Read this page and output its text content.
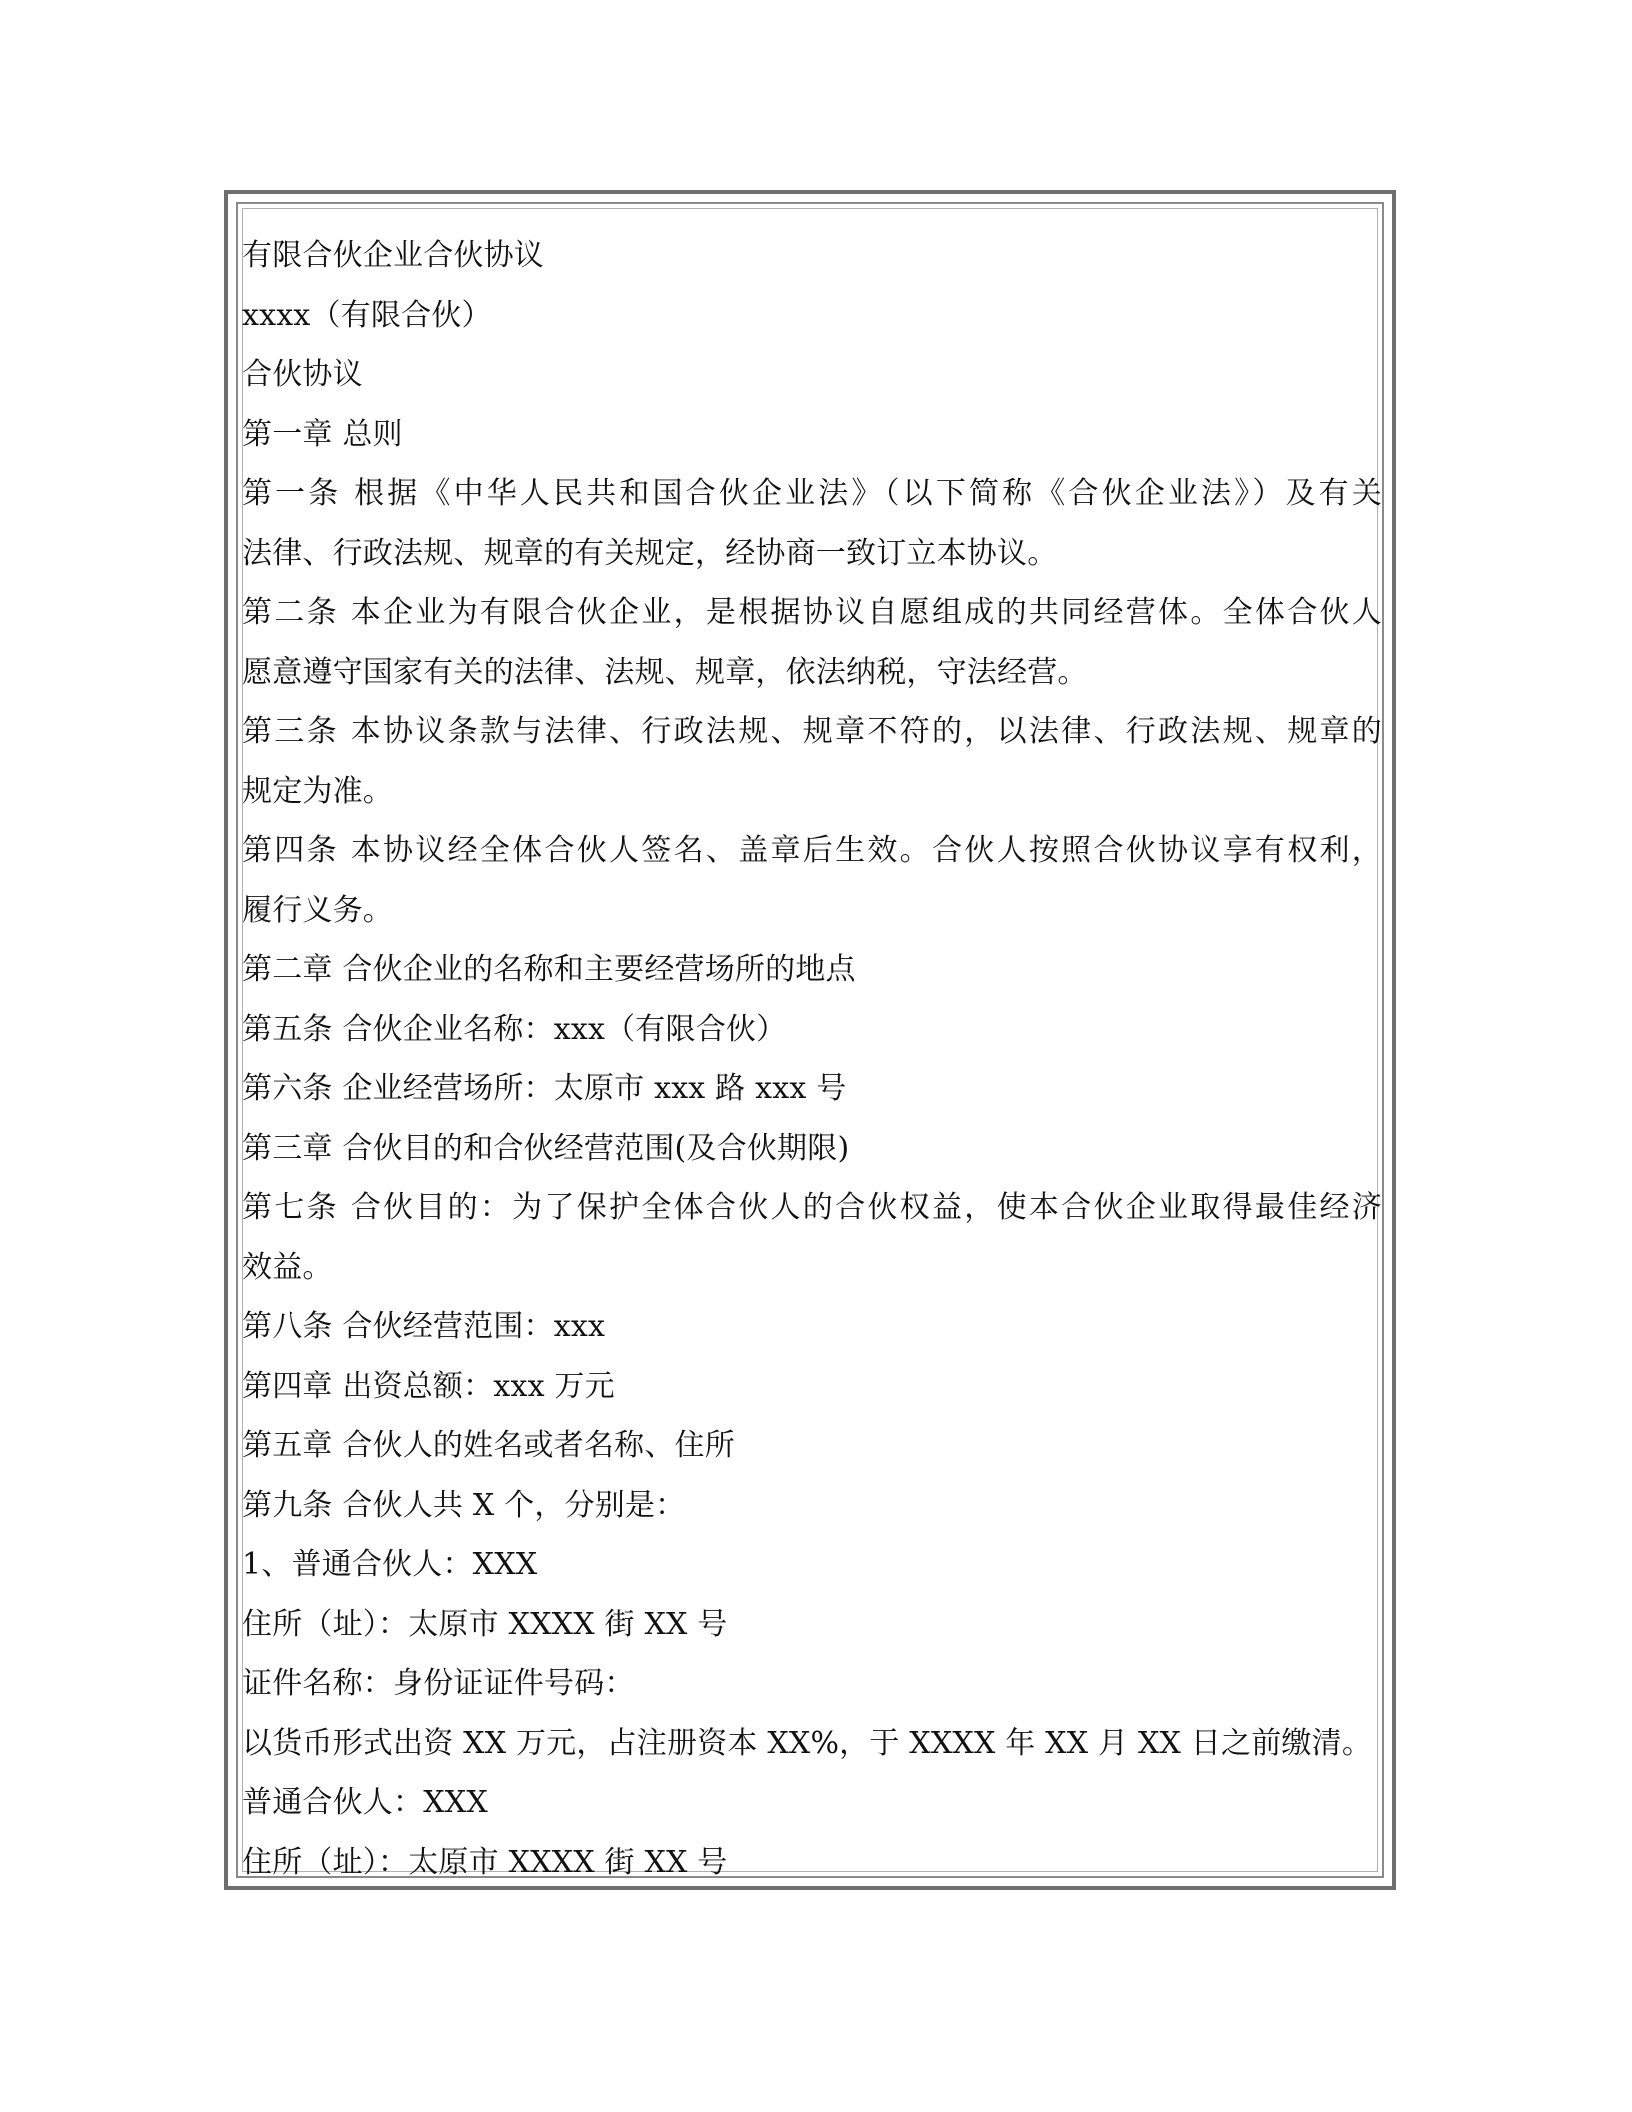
有限合伙企业合伙协议
xxxx（有限合伙）
合伙协议
第一章 总则
第一条 根据《中华人民共和国合伙企业法》（以下简称《合伙企业法》）及有关
法律、行政法规、规章的有关规定，经协商一致订立本协议。
第二条 本企业为有限合伙企业，是根据协议自愿组成的共同经营体。全体合伙人
愿意遵守国家有关的法律、法规、规章，依法纳税，守法经营。
第三条 本协议条款与法律、行政法规、规章不符的，以法律、行政法规、规章的
规定为准。
第四条 本协议经全体合伙人签名、盖章后生效。合伙人按照合伙协议享有权利，
履行义务。
第二章 合伙企业的名称和主要经营场所的地点
第五条 合伙企业名称：xxx（有限合伙）
第六条 企业经营场所：太原市 xxx 路 xxx 号
第三章 合伙目的和合伙经营范围(及合伙期限)
第七条 合伙目的：为了保护全体合伙人的合伙权益，使本合伙企业取得最佳经济
效益。
第八条 合伙经营范围：xxx
第四章 出资总额：xxx 万元
第五章 合伙人的姓名或者名称、住所
第九条 合伙人共 X 个，分别是：
1、普通合伙人：XXX
住所（址）：太原市 XXXX 街 XX 号
证件名称：身份证证件号码：
以货币形式出资 XX 万元，占注册资本 XX%，于 XXXX 年 XX 月 XX 日之前缴清。
普通合伙人：XXX
住所（址）：太原市 XXXX 街 XX 号
